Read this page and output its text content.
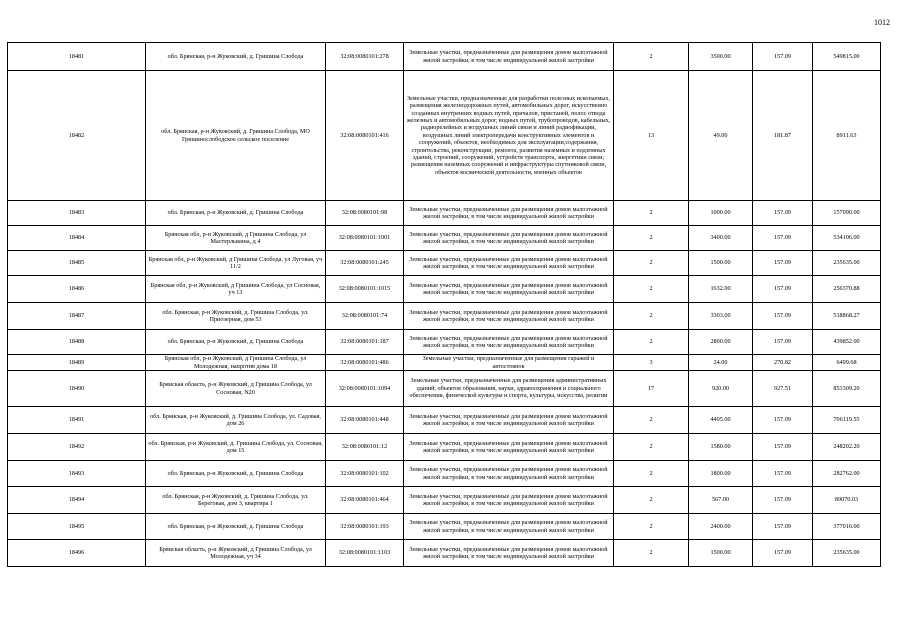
1012
18481	обл. Брянская, р-н Жуковский, д. Гришина Слобода	32:08:0080101:278	Земельные участки, предназначенные для размещения домов малоэтажной жилой застройки, в том числе индивидуальной жилой застройки	2	3500.00	157.09	549815.00
18482	обл. Брянская, р-н Жуковский, д. Гришина Слобода, МО Гришинослободское сельское поселение	32:08:0080101:416	Земельные участки, предназначенные для разработки полезных ископаемых, размещения железнодорожных путей, автомобильных дорог, искусственно созданных внутренних водных путей, причалов, пристаней, полос отвода железных и автомобильных дорог, водных путей, трубопроводов, кабельных, радиорелейных и воздушных линий связи и линий радиофикации, воздушных линий электропередачи конструктивных элементов и сооружений, объектов, необходимых для эксплуатации,содержания, строительства, реконструкции, ремонта, развития наземных и подземных зданий, строений, сооружений, устройств транспорта, энергетики связи; размещения наземных сооружений и инфраструктуры спутниковой связи, объектов космической деятельности, военных объектов	13	49.00	181.87	8911.63
18483	обл. Брянская, р-н Жуковский, д. Гришина Слобода	32:08:0080101:98	Земельные участки, предназначенные для размещения домов малоэтажной жилой застройки, в том числе индивидуальной жилой застройки	2	1000.00	157.09	157090.00
18484	Брянская обл, р-н Жуковский, д Гришина Слобода, ул Мастерлыкина, д 4	32:08:0080101:1001	Земельные участки, предназначенные для размещения домов малоэтажной жилой застройки, в том числе индивидуальной жилой застройки	2	3400.00	157.09	534106.00
18485	Брянская обл, р-н Жуковский, д Гришина Слобода, ул Луговая, уч 11/2	32:08:0080101:245	Земельные участки, предназначенные для размещения домов малоэтажной жилой застройки, в том числе индивидуальной жилой застройки	2	1500.00	157.09	235635.00
18486	Брянская обл, р-н Жуковский, д Гришина Слобода, ул Сосновая, уч 13	32:08:0080101:1015	Земельные участки, предназначенные для размещения домов малоэтажной жилой застройки, в том числе индивидуальной жилой застройки	2	1632.00	157.09	256370.88
18487	обл. Брянская, р-н Жуковский, д. Гришина Слобода, ул. Приозерная, дом 53	32:08:0080101:74	Земельные участки, предназначенные для размещения домов малоэтажной жилой застройки, в том числе индивидуальной жилой застройки	2	3303.00	157.09	518868.27
18488	обл. Брянская, р-н Жуковский, д. Гришина Слобода	32:08:0080101:187	Земельные участки, предназначенные для размещения домов малоэтажной жилой застройки, в том числе индивидуальной жилой застройки	2	2800.00	157.09	439852.00
18489	Брянская обл, р-н Жуковский, д Гришина Слобода, ул Молодежная, напротив дома 18	32:08:0080101:486	Земельные участки, предназначенные для размещения гаражей и автостоянок	3	24.00	270.82	6499.68
18490	Брянская область, р-н Жуковский, д Гришина Слобода, ул Сосновая, N20	32:08:0080101:1094	Земельные участки, предназначенные для размещения административных зданий, объектов образования, науки, здравоохранения и социального обеспечения, физической культуры и спорта, культуры, искусства, религии	17	920.00	927.51	853309.20
18491	обл. Брянская, р-н Жуковский, д. Гришина Слобода, ул. Садовая, дом 26	32:08:0080101:448	Земельные участки, предназначенные для размещения домов малоэтажной жилой застройки, в том числе индивидуальной жилой застройки	2	4495.00	157.09	706119.55
18492	обл. Брянская, р-н Жуковский, д. Гришина Слобода, ул. Сосновая, дом 15	32:08:0080101:12	Земельные участки, предназначенные для размещения домов малоэтажной жилой застройки, в том числе индивидуальной жилой застройки	2	1580.00	157.09	248202.20
18493	обл. Брянская, р-н Жуковский, д. Гришина Слобода	32:08:0080101:102	Земельные участки, предназначенные для размещения домов малоэтажной жилой застройки, в том числе индивидуальной жилой застройки	2	1800.00	157.09	282762.00
18494	обл. Брянская, р-н Жуковский, д. Гришина Слобода, ул. Береговая, дом 3, квартира 1	32:08:0080101:464	Земельные участки, предназначенные для размещения домов малоэтажной жилой застройки, в том числе индивидуальной жилой застройки	2	567.00	157.09	89070.03
18495	обл. Брянская, р-н Жуковский, д. Гришина Слобода	32:08:0080101:193	Земельные участки, предназначенные для размещения домов малоэтажной жилой застройки, в том числе индивидуальной жилой застройки	2	2400.00	157.09	377016.00
18496	Брянская область, р-н Жуковский, д Гришина Слобода, ул Молодежная, уч 34	32:08:0080101:1103	Земельные участки, предназначенные для размещения домов малоэтажной жилой застройки, в том числе индивидуальной жилой застройки	2	1500.00	157.09	235635.00
